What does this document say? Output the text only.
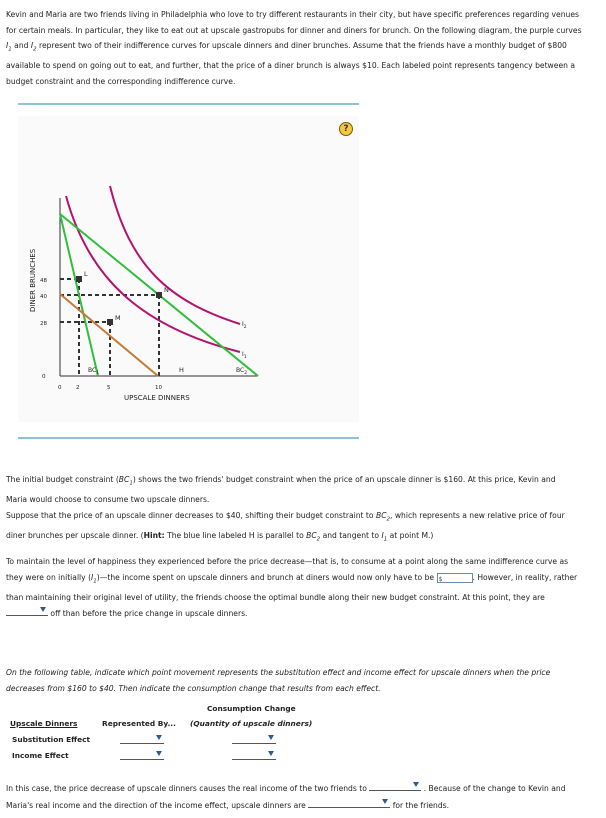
Kevin and Maria are two friends living in Philadelphia who love to try different restaurants in their city, but have specific preferences regarding venues
for certain meals. In particular, they like to eat out at upscale gastropubs for dinner and diners for brunch. On the following diagram, the purple curves
$I_1$ and $I_2$ represent two of their indifference curves for upscale dinners and diner brunches. Assume that the friends have a monthly budget of $800
available to spend on going out to eat, and further, that the price of a diner brunch is always $10. Each labeled point represents tangency between a
budget constraint and the corresponding indifference curve.
?
DINER BRUNCHES 48
40
28
0
0	2	5	10
UPSCALE DINNERS
L
N
M
H
$I_2$
$I_1$
$BC_1$	$BC_2$
The initial budget constraint $(BC_1)$ shows the two friends' budget constraint when the price of an upscale dinner is $160. At this price, Kevin and
Maria would choose to consume two upscale dinners.
Suppose that the price of an upscale dinner decreases to $40, shifting their budget constraint to $BC_2$, which represents a new relative price of four
diner brunches per upscale dinner. (Hint: The blue line labeled H is parallel to $BC_2$ and tangent to $I_1$ at point M.)
To maintain the level of happiness they experienced before the price decrease—that is, to consume at a point along the same indifference curve as
they were on initially $(I_1)—the$ income spent on upscale dinners and brunch at diners would now only have to be $	. However, in reality, rather
than maintaining their original level of utility, the friends choose the optimal bundle along their new budget constraint. At this point, they are
off than before the price change in upscale dinners.
On the following table, indicate which point movement represents the substitution effect and income effect for upscale dinners when the price
decreases from $160 to $40. Then indicate the consumption change that results from each effect.
Consumption Change
Upscale Dinners	Represented By... (Quantity of upscale dinners)
Substitution Effect
Income Effect
In this case, the price decrease of upscale dinners causes the real income of the two friends to	. Because of the change to Kevin and
Maria's real income and the direction of the income effect, upscale dinners are	for the friends.
